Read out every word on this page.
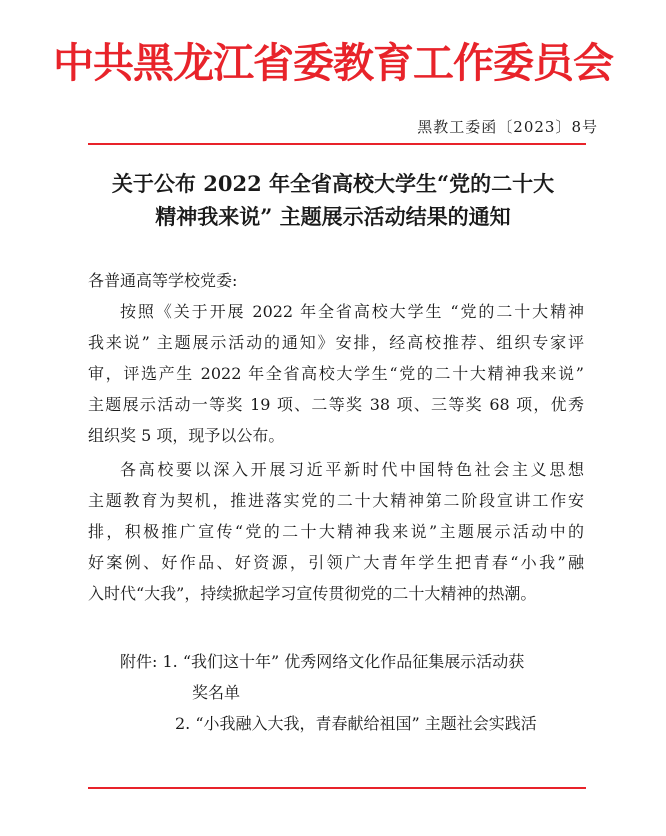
中共黑龙江省委教育工作委员会
黑教工委函〔2023〕8号
关于公布 2022 年全省高校大学生“党的二十大
精神我来说” 主题展示活动结果的通知
各普通高等学校党委:
按照《关于开展 2022 年全省高校大学生 “党的二十大精神
我来说” 主题展示活动的通知》安排，经高校推荐、组织专家评
审，评选产生 2022 年全省高校大学生“党的二十大精神我来说”
主题展示活动一等奖 19 项、二等奖 38 项、三等奖 68 项，优秀
组织奖 5 项，现予以公布。
各高校要以深入开展习近平新时代中国特色社会主义思想
主题教育为契机，推进落实党的二十大精神第二阶段宣讲工作安
排，积极推广宣传“党的二十大精神我来说”主题展示活动中的
好案例、好作品、好资源，引领广大青年学生把青春“小我”融
入时代“大我”，持续掀起学习宣传贯彻党的二十大精神的热潮。
附件: 1. “我们这十年” 优秀网络文化作品征集展示活动获
奖名单
2. “小我融入大我，青春献给祖国” 主题社会实践活
